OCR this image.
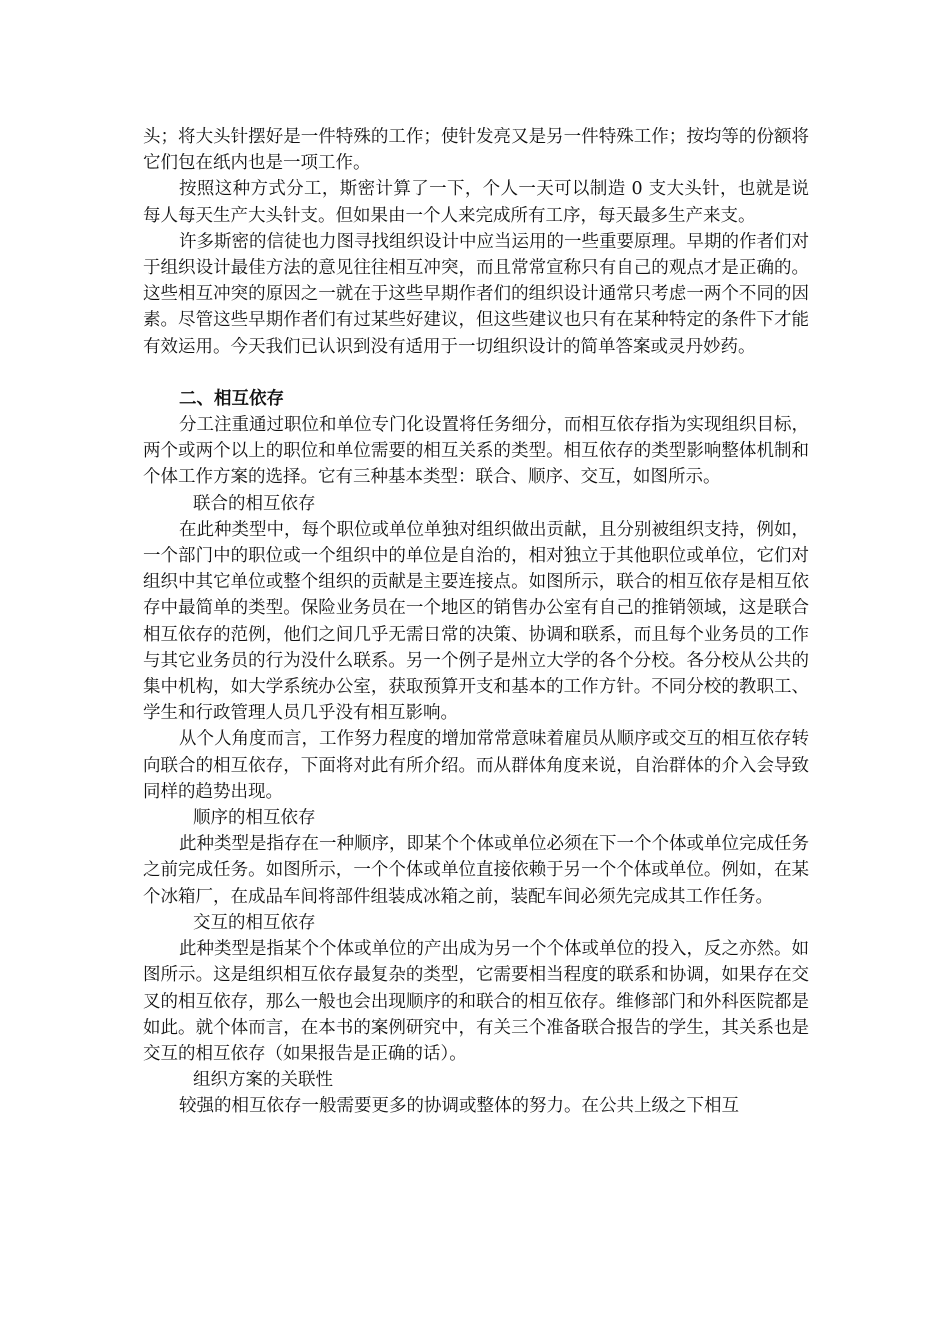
头；将大头针摆好是一件特殊的工作；使针发亮又是另一件特殊工作；按均等的份额将它们包在纸内也是一项工作。

按照这种方式分工，斯密计算了一下，个人一天可以制造 0 支大头针，也就是说每人每天生产大头针支。但如果由一个人来完成所有工序，每天最多生产来支。

许多斯密的信徒也力图寻找组织设计中应当运用的一些重要原理。早期的作者们对于组织设计最佳方法的意见往往相互冲突，而且常常宣称只有自己的观点才是正确的。这些相互冲突的原因之一就在于这些早期作者们的组织设计通常只考虑一两个不同的因素。尽管这些早期作者们有过某些好建议，但这些建议也只有在某种特定的条件下才能有效运用。今天我们已认识到没有适用于一切组织设计的简单答案或灵丹妙药。

二、相互依存

分工注重通过职位和单位专门化设置将任务细分，而相互依存指为实现组织目标，两个或两个以上的职位和单位需要的相互关系的类型。相互依存的类型影响整体机制和个体工作方案的选择。它有三种基本类型：联合、顺序、交互，如图所示。

联合的相互依存

在此种类型中，每个职位或单位单独对组织做出贡献，且分别被组织支持，例如，一个部门中的职位或一个组织中的单位是自治的，相对独立于其他职位或单位，它们对组织中其它单位或整个组织的贡献是主要连接点。如图所示，联合的相互依存是相互依存中最简单的类型。保险业务员在一个地区的销售办公室有自己的推销领域，这是联合相互依存的范例，他们之间几乎无需日常的决策、协调和联系，而且每个业务员的工作与其它业务员的行为没什么联系。另一个例子是州立大学的各个分校。各分校从公共的集中机构，如大学系统办公室，获取预算开支和基本的工作方针。不同分校的教职工、学生和行政管理人员几乎没有相互影响。

从个人角度而言，工作努力程度的增加常常意味着雇员从顺序或交互的相互依存转向联合的相互依存，下面将对此有所介绍。而从群体角度来说，自治群体的介入会导致同样的趋势出现。

顺序的相互依存

此种类型是指存在一种顺序，即某个个体或单位必须在下一个个体或单位完成任务之前完成任务。如图所示，一个个体或单位直接依赖于另一个个体或单位。例如，在某个冰箱厂，在成品车间将部件组装成冰箱之前，装配车间必须先完成其工作任务。

交互的相互依存

此种类型是指某个个体或单位的产出成为另一个个体或单位的投入，反之亦然。如图所示。这是组织相互依存最复杂的类型，它需要相当程度的联系和协调，如果存在交叉的相互依存，那么一般也会出现顺序的和联合的相互依存。维修部门和外科医院都是如此。就个体而言，在本书的案例研究中，有关三个准备联合报告的学生，其关系也是交互的相互依存（如果报告是正确的话）。

组织方案的关联性

较强的相互依存一般需要更多的协调或整体的努力。在公共上级之下相互
